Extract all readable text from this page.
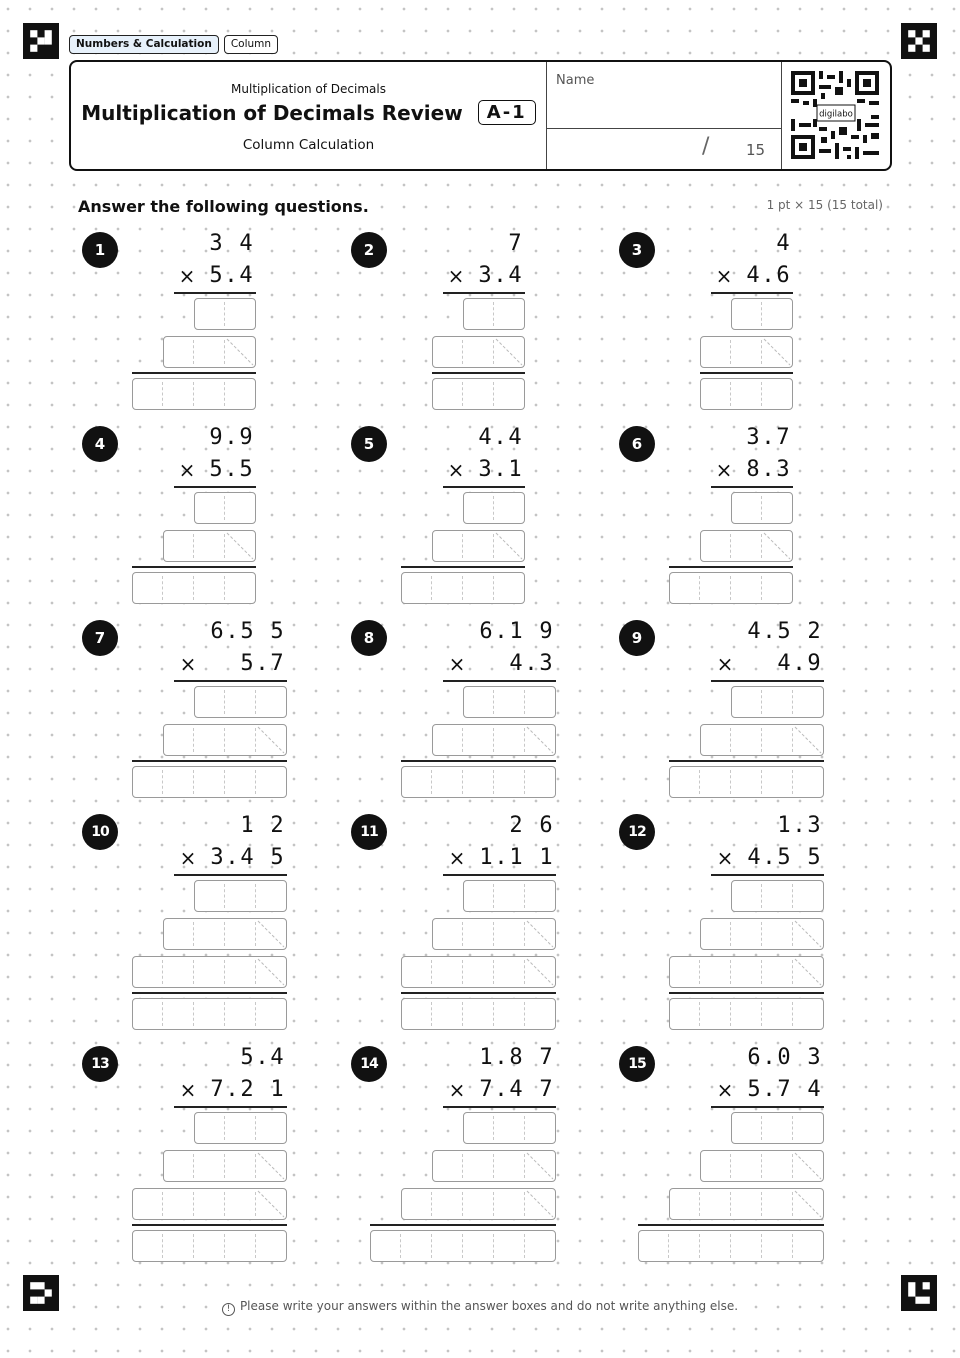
Numbers & Calculation	Column
Multiplication of Decimals
Multiplication of Decimals Review A-1
Column Calculation
Name
/ 15
digilabo
Answer the following questions.	1 pt × 15 (15 total)
1	3 4
5 . 4
×
2	7
3 . 4
×
3	4
4 . 6
×
4	9 . 9
5 . 5
×
5	4 . 4
3 . 1
×
6	3 . 7
8 . 3
×
7	6 . 5 5
5 . 7
×
8	6 . 1 9
4 . 3
×
9	4 . 5 2
4 . 9
×
10	1 2
3 . 4 5
×
11	2 6
1 . 1 1
×
12	1 . 3
4 . 5 5
×
13	5 . 4
7 . 2 1
×
14	1 . 8 7
7 . 4 7
×
15	6 . 0 3
5 . 7 4
×
! Please write your answers within the answer boxes and do not write anything else.
